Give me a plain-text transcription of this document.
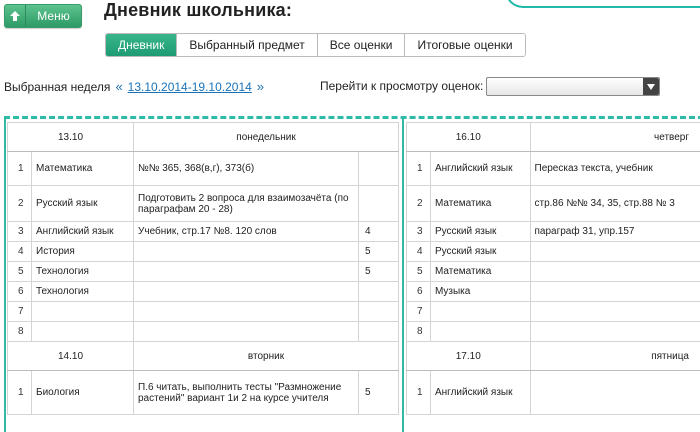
Меню	Дневник школьника:
Дневник	Выбранный предмет	Все оценки	Итоговые оценки
Выбранная неделя « 13.10.2014-19.10.2014 »	Перейти к просмотру оценок:
13.10		понедельник	
1	Математика	№№ 365, 368(в,г), 373(б)	
2	Русский язык	Подготовить 2 вопроса для взаимозачёта (по параграфам 20 - 28)	
3	Английский язык	Учебник, стр.17 №8. 120 слов	4
4	История		5
5	Технология		5
6	Технология		
7			
8			
14.10		вторник	
1	Биология	П.6 читать, выполнить тесты "Размножение растений" вариант 1и 2 на курсе учителя	5
16.10		четверг
1	Английский язык	Пересказ текста, учебник
2	Математика	стр.86 №№ 34, 35, стр.88 № 3
3	Русский язык	параграф 31, упр.157
4	Русский язык	
5	Математика	
6	Музыка	
7		
8		
17.10		пятница
1	Английский язык	
